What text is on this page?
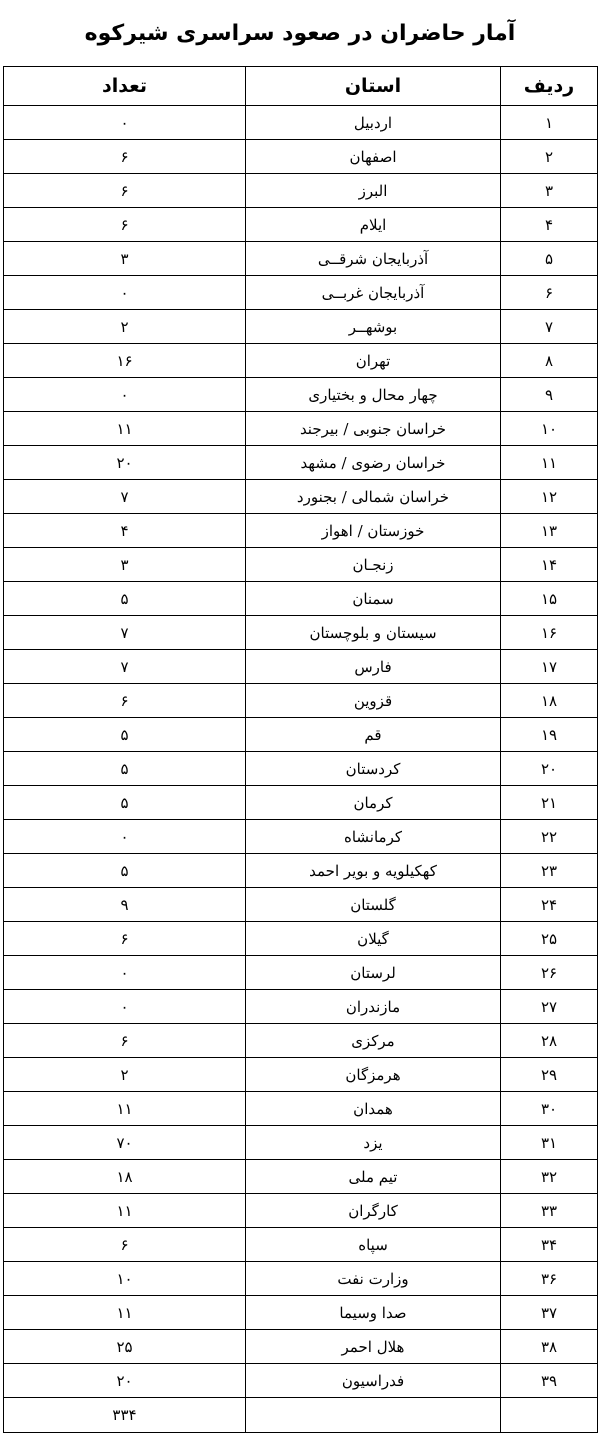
آمار حاضران در صعود سراسری شیرکوه
ردیف	استان	تعداد
۱	اردبیل	۰
۲	اصفهان	۶
۳	البرز	۶
۴	ایلام	۶
۵	آذربایجان شرقــی	۳
۶	آذربایجان غربــی	۰
۷	بوشهــر	۲
۸	تهران	۱۶
۹	چهار محال و بختیاری	۰
۱۰	خراسان جنوبی / بیرجند	۱۱
۱۱	خراسان رضوی / مشهد	۲۰
۱۲	خراسان شمالی / بجنورد	۷
۱۳	خوزستان / اهواز	۴
۱۴	زنجـان	۳
۱۵	سمنان	۵
۱۶	سیستان و بلوچستان	۷
۱۷	فارس	۷
۱۸	قزوین	۶
۱۹	قم	۵
۲۰	کردستان	۵
۲۱	کرمان	۵
۲۲	کرمانشاه	۰
۲۳	کهکیلویه و بویر احمد	۵
۲۴	گلستان	۹
۲۵	گیلان	۶
۲۶	لرستان	۰
۲۷	مازندران	۰
۲۸	مرکزی	۶
۲۹	هرمزگان	۲
۳۰	همدان	۱۱
۳۱	یزد	۷۰
۳۲	تیم ملی	۱۸
۳۳	کارگران	۱۱
۳۴	سپاه	۶
۳۶	وزارت نفت	۱۰
۳۷	صدا وسیما	۱۱
۳۸	هلال احمر	۲۵
۳۹	فدراسیون	۲۰
		۳۳۴
